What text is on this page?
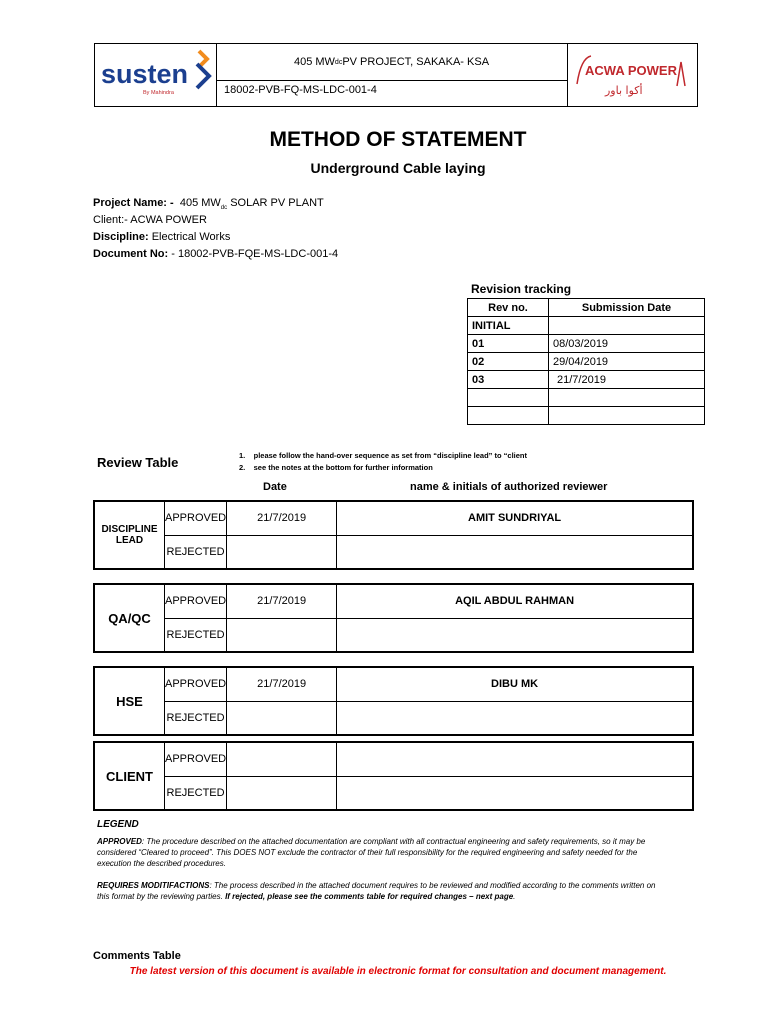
susten
By Mahindra
405 MW dc PV PROJECT, SAKAKA- KSA
18002-PVB-FQ-MS-LDC-001-4
ACWA POWER
أكوا باور
METHOD OF STATEMENT
Underground Cable laying
Project Name: - 405 $MW_{dc}$ SOLAR PV PLANT
Client:- ACWA POWER
Discipline: Electrical Works
Document No: - 18002-PVB-FQE-MS-LDC-001-4
Revision tracking
Rev no.	Submission Date
INITIAL	
01	08/03/2019
02	29/04/2019
03	21/7/2019

Review Table	1. please follow the hand-over sequence as set from “discipline lead” to “client
2. see the notes at the bottom for further information
Date	name & initials of authorized reviewer
DISCIPLINE LEAD	APPROVED	21/7/2019	AMIT SUNDRIYAL
	REJECTED		
QA/QC	APPROVED	21/7/2019	AQIL ABDUL RAHMAN
	REJECTED		
HSE	APPROVED	21/7/2019	DIBU MK
	REJECTED		
CLIENT	APPROVED		
	REJECTED		
LEGEND
APPROVED: The procedure described on the attached documentation are compliant with all contractual engineering and safety requirements, so it may be considered “Cleared to proceed”. This DOES NOT exclude the contractor of their full responsibility for the required engineering and safety needed for the execution the described procedures.
REQUIRES MODITIFACTIONS: The process described in the attached document requires to be reviewed and modified according to the comments written on this format by the reviewing parties. If rejected, please see the comments table for required changes – next page.
Comments Table
The latest version of this document is available in electronic format for consultation and document management.
